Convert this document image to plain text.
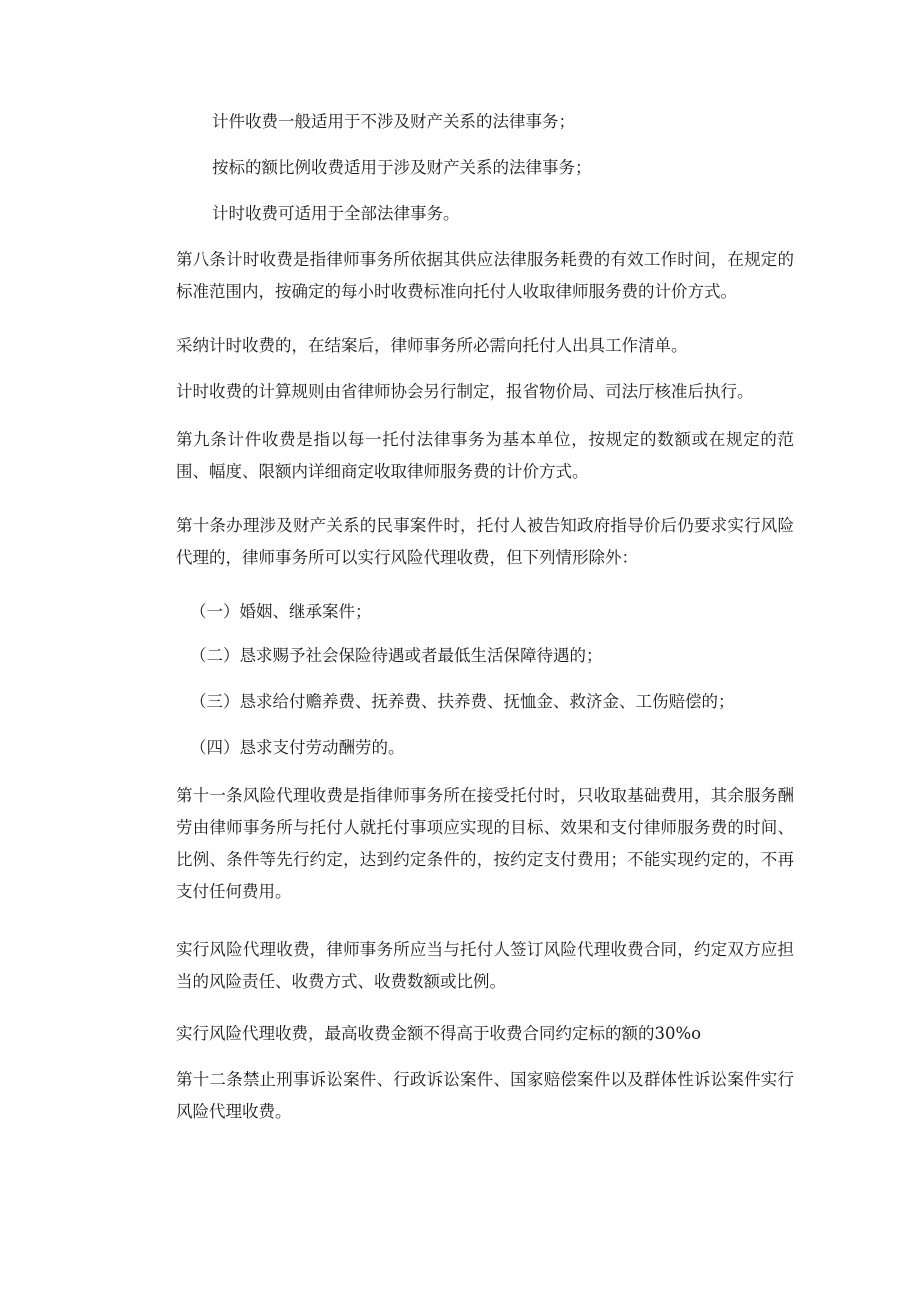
计件收费一般适用于不涉及财产关系的法律事务；

按标的额比例收费适用于涉及财产关系的法律事务；

计时收费可适用于全部法律事务。

第八条计时收费是指律师事务所依据其供应法律服务耗费的有效工作时间，在规定的标准范围内，按确定的每小时收费标准向托付人收取律师服务费的计价方式。

采纳计时收费的，在结案后，律师事务所必需向托付人出具工作清单。

计时收费的计算规则由省律师协会另行制定，报省物价局、司法厅核准后执行。

第九条计件收费是指以每一托付法律事务为基本单位，按规定的数额或在规定的范围、幅度、限额内详细商定收取律师服务费的计价方式。

第十条办理涉及财产关系的民事案件时，托付人被告知政府指导价后仍要求实行风险代理的，律师事务所可以实行风险代理收费，但下列情形除外：

（一）婚姻、继承案件；

（二）恳求赐予社会保险待遇或者最低生活保障待遇的；

（三）恳求给付赡养费、抚养费、扶养费、抚恤金、救济金、工伤赔偿的；

（四）恳求支付劳动酬劳的。

第十一条风险代理收费是指律师事务所在接受托付时，只收取基础费用，其余服务酬劳由律师事务所与托付人就托付事项应实现的目标、效果和支付律师服务费的时间、比例、条件等先行约定，达到约定条件的，按约定支付费用；不能实现约定的，不再支付任何费用。

实行风险代理收费，律师事务所应当与托付人签订风险代理收费合同，约定双方应担当的风险责任、收费方式、收费数额或比例。

实行风险代理收费，最高收费金额不得高于收费合同约定标的额的30%o

第十二条禁止刑事诉讼案件、行政诉讼案件、国家赔偿案件以及群体性诉讼案件实行风险代理收费。
